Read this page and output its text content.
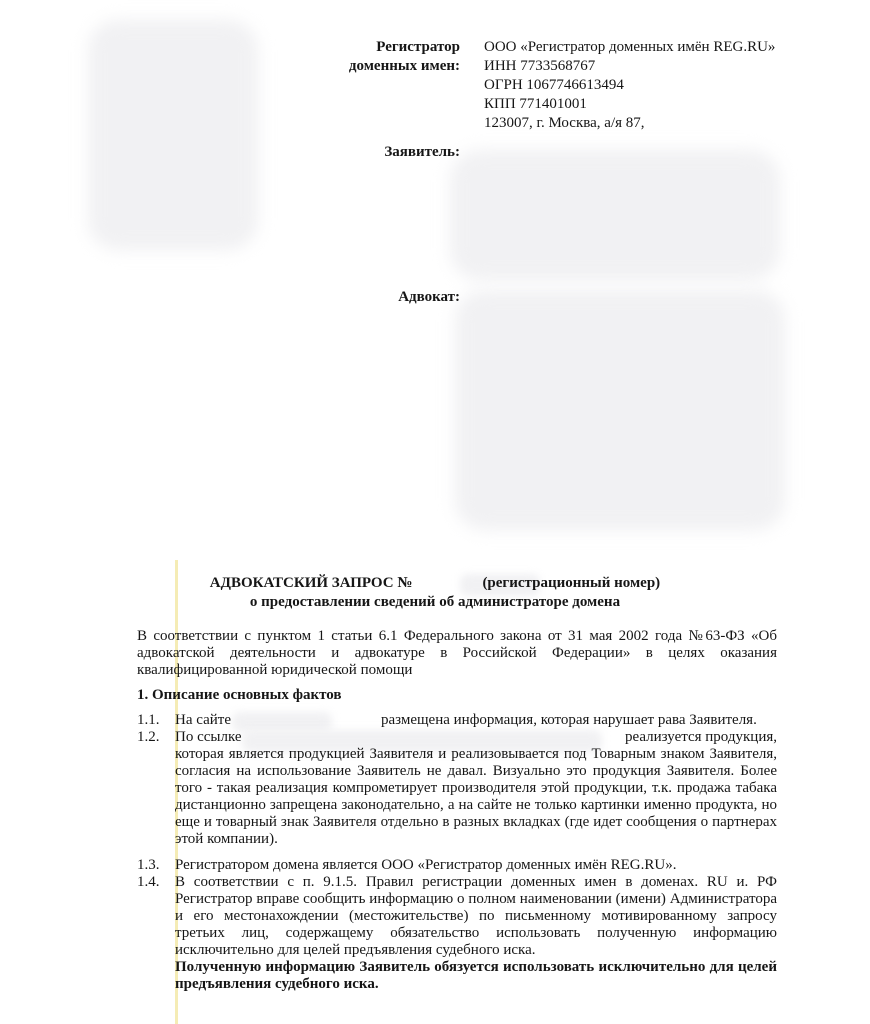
Регистратор
доменных имен:
ООО «Регистратор доменных имён REG.RU»
ИНН 7733568767
ОГРН 1067746613494
КПП 771401001
123007, г. Москва, а/я 87,
Заявитель:
Адвокат:
АДВОКАТСКИЙ ЗАПРОС №	(регистрационный номер)
о предоставлении сведений об администраторе домена
В соответствии с пунктом 1 статьи 6.1 Федерального закона от 31 мая 2002 года №63-ФЗ «Об адвокатской деятельности и адвокатуре в Российской Федерации» в целях оказания квалифицированной юридической помощи
1. Описание основных фактов
1.1.	На сайте	размещена информация, которая нарушает рава Заявителя.
1.2.	По ссылке	реализуется продукция,
которая является продукцией Заявителя и реализовывается под Товарным знаком Заявителя, согласия на использование Заявитель не давал. Визуально это продукция Заявителя. Более того - такая реализация компрометирует производителя этой продукции, т.к. продажа табака дистанционно запрещена законодательно, а на сайте не только картинки именно продукта, но еще и товарный знак Заявителя отдельно в разных вкладках (где идет сообщения о партнерах этой компании).
1.3.	Регистратором домена является ООО «Регистратор доменных имён REG.RU».
1.4.	В соответствии с п. 9.1.5. Правил регистрации доменных имен в доменах. RU и. РФ Регистратор вправе сообщить информацию о полном наименовании (имени) Администратора и его местонахождении (местожительстве) по письменному мотивированному запросу третьих лиц, содержащему обязательство использовать полученную информацию исключительно для целей предъявления судебного иска.
Полученную информацию Заявитель обязуется использовать исключительно для целей предъявления судебного иска.
